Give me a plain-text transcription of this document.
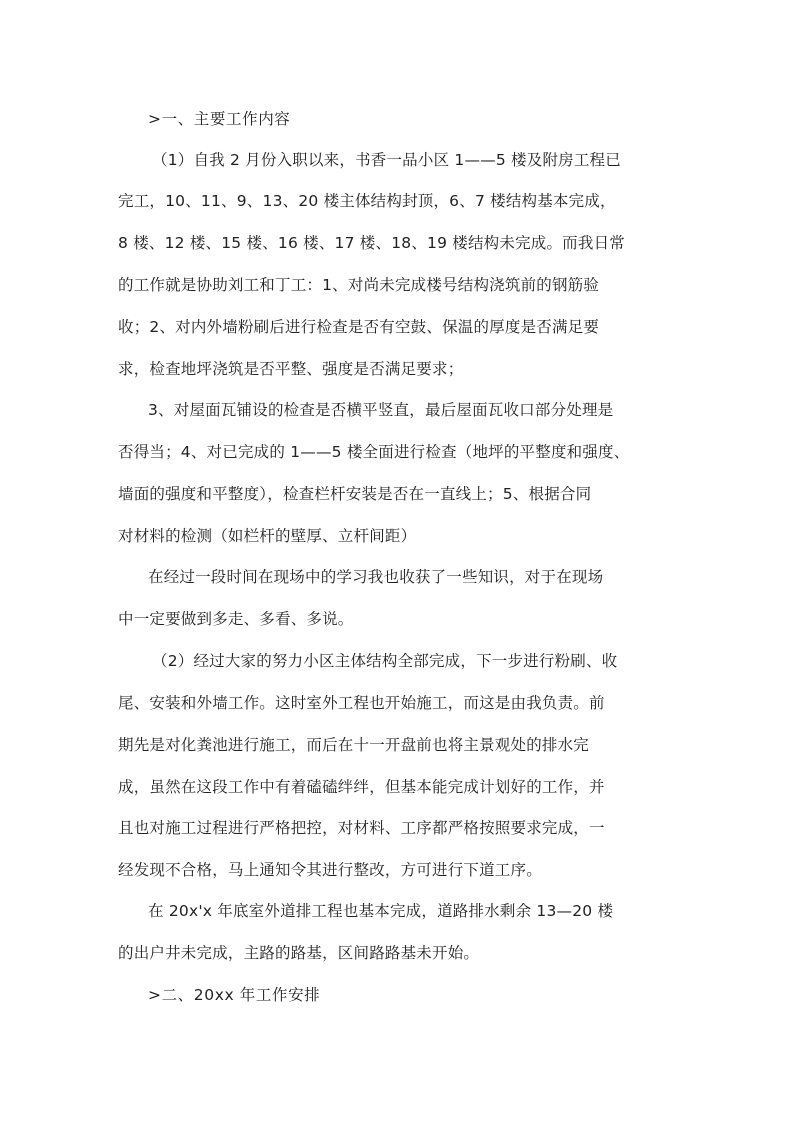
>一、主要工作内容
（1）自我 2 月份入职以来，书香一品小区 1——5 楼及附房工程已
完工，10、11、9、13、20 楼主体结构封顶，6、7 楼结构基本完成，
8 楼、12 楼、15 楼、16 楼、17 楼、18、19 楼结构未完成。而我日常
的工作就是协助刘工和丁工：1、对尚未完成楼号结构浇筑前的钢筋验
收；2、对内外墙粉刷后进行检查是否有空鼓、保温的厚度是否满足要
求，检查地坪浇筑是否平整、强度是否满足要求；
3、对屋面瓦铺设的检查是否横平竖直，最后屋面瓦收口部分处理是
否得当；4、对已完成的 1——5 楼全面进行检查（地坪的平整度和强度、
墙面的强度和平整度），检查栏杆安装是否在一直线上；5、根据合同
对材料的检测（如栏杆的壁厚、立杆间距）
在经过一段时间在现场中的学习我也收获了一些知识，对于在现场
中一定要做到多走、多看、多说。
（2）经过大家的努力小区主体结构全部完成，下一步进行粉刷、收
尾、安装和外墙工作。这时室外工程也开始施工，而这是由我负责。前
期先是对化粪池进行施工，而后在十一开盘前也将主景观处的排水完
成，虽然在这段工作中有着磕磕绊绊，但基本能完成计划好的工作，并
且也对施工过程进行严格把控，对材料、工序都严格按照要求完成，一
经发现不合格，马上通知令其进行整改，方可进行下道工序。
在 20x'x 年底室外道排工程也基本完成，道路排水剩余 13—20 楼
的出户井未完成，主路的路基，区间路路基未开始。
>二、20xx 年工作安排
